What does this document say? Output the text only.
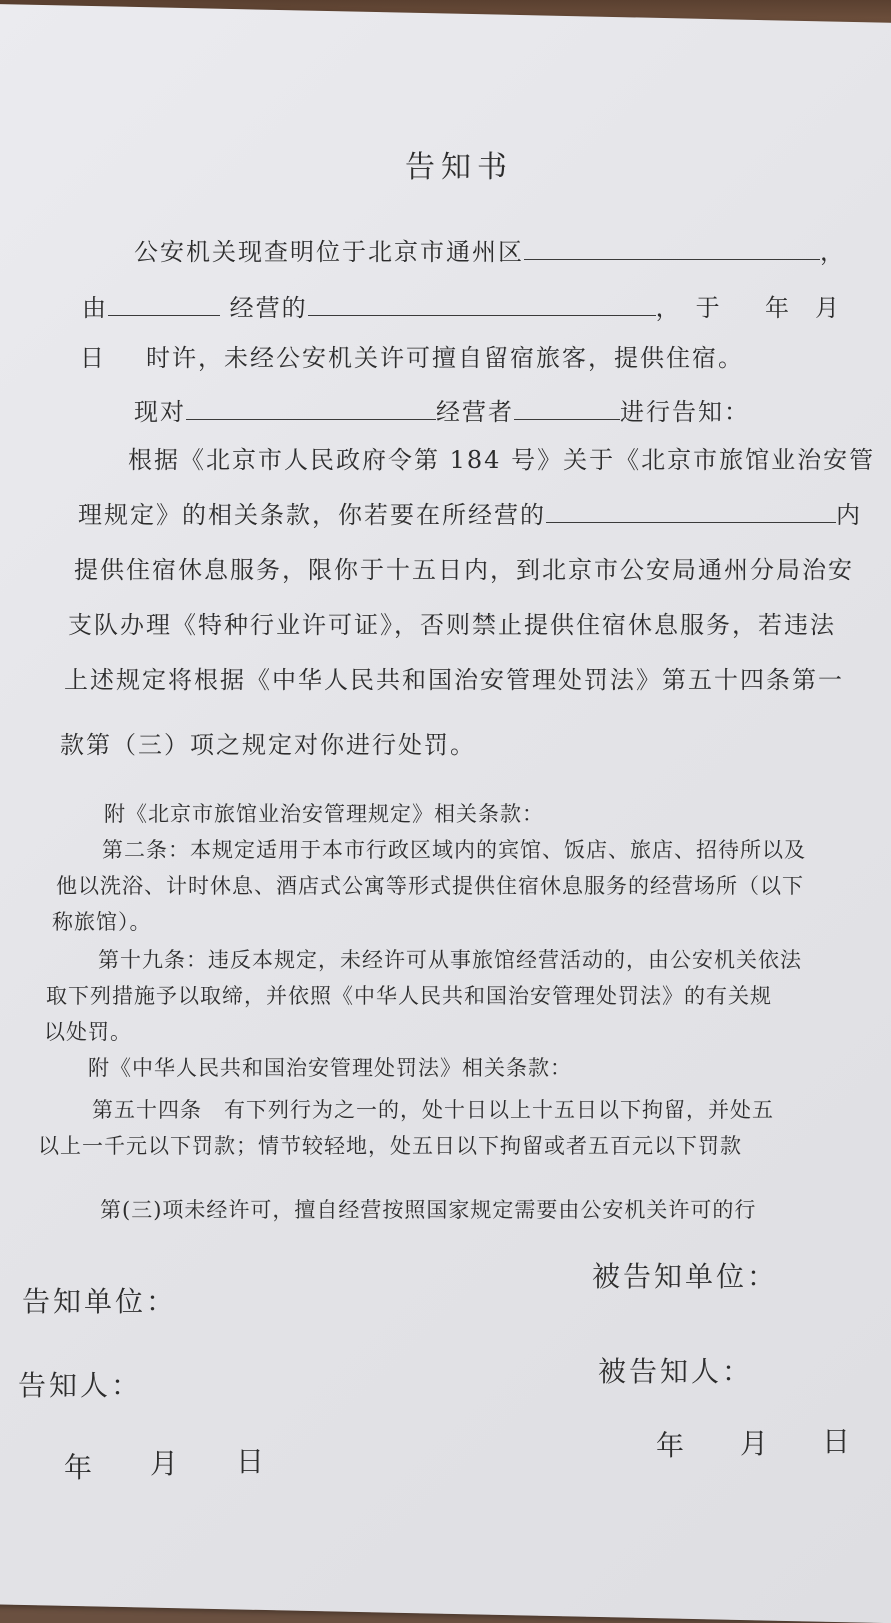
告知书
公安机关现查明位于北京市通州区	，
由	经营的	，　于 年 月
日 时许，未经公安机关许可擅自留宿旅客，提供住宿。
现对	经营者	进行告知：
根据《北京市人民政府令第 184 号》关于《北京市旅馆业治安管
理规定》的相关条款，你若要在所经营的	内
提供住宿休息服务，限你于十五日内，到北京市公安局通州分局治安
支队办理《特种行业许可证》，否则禁止提供住宿休息服务，若违法
上述规定将根据《中华人民共和国治安管理处罚法》第五十四条第一
款第（三）项之规定对你进行处罚。
附《北京市旅馆业治安管理规定》相关条款：
第二条：本规定适用于本市行政区域内的宾馆、饭店、旅店、招待所以及
他以洗浴、计时休息、酒店式公寓等形式提供住宿休息服务的经营场所（以下
称旅馆）。
第十九条：违反本规定，未经许可从事旅馆经营活动的，由公安机关依法
取下列措施予以取缔，并依照《中华人民共和国治安管理处罚法》的有关规
以处罚。
附《中华人民共和国治安管理处罚法》相关条款：
第五十四条　有下列行为之一的，处十日以上十五日以下拘留，并处五
以上一千元以下罚款；情节较轻地，处五日以下拘留或者五百元以下罚款
第(三)项未经许可，擅自经营按照国家规定需要由公安机关许可的行
告知单位：
被告知单位：
告知人：	被告知人：
年 月 日	年 月 日
